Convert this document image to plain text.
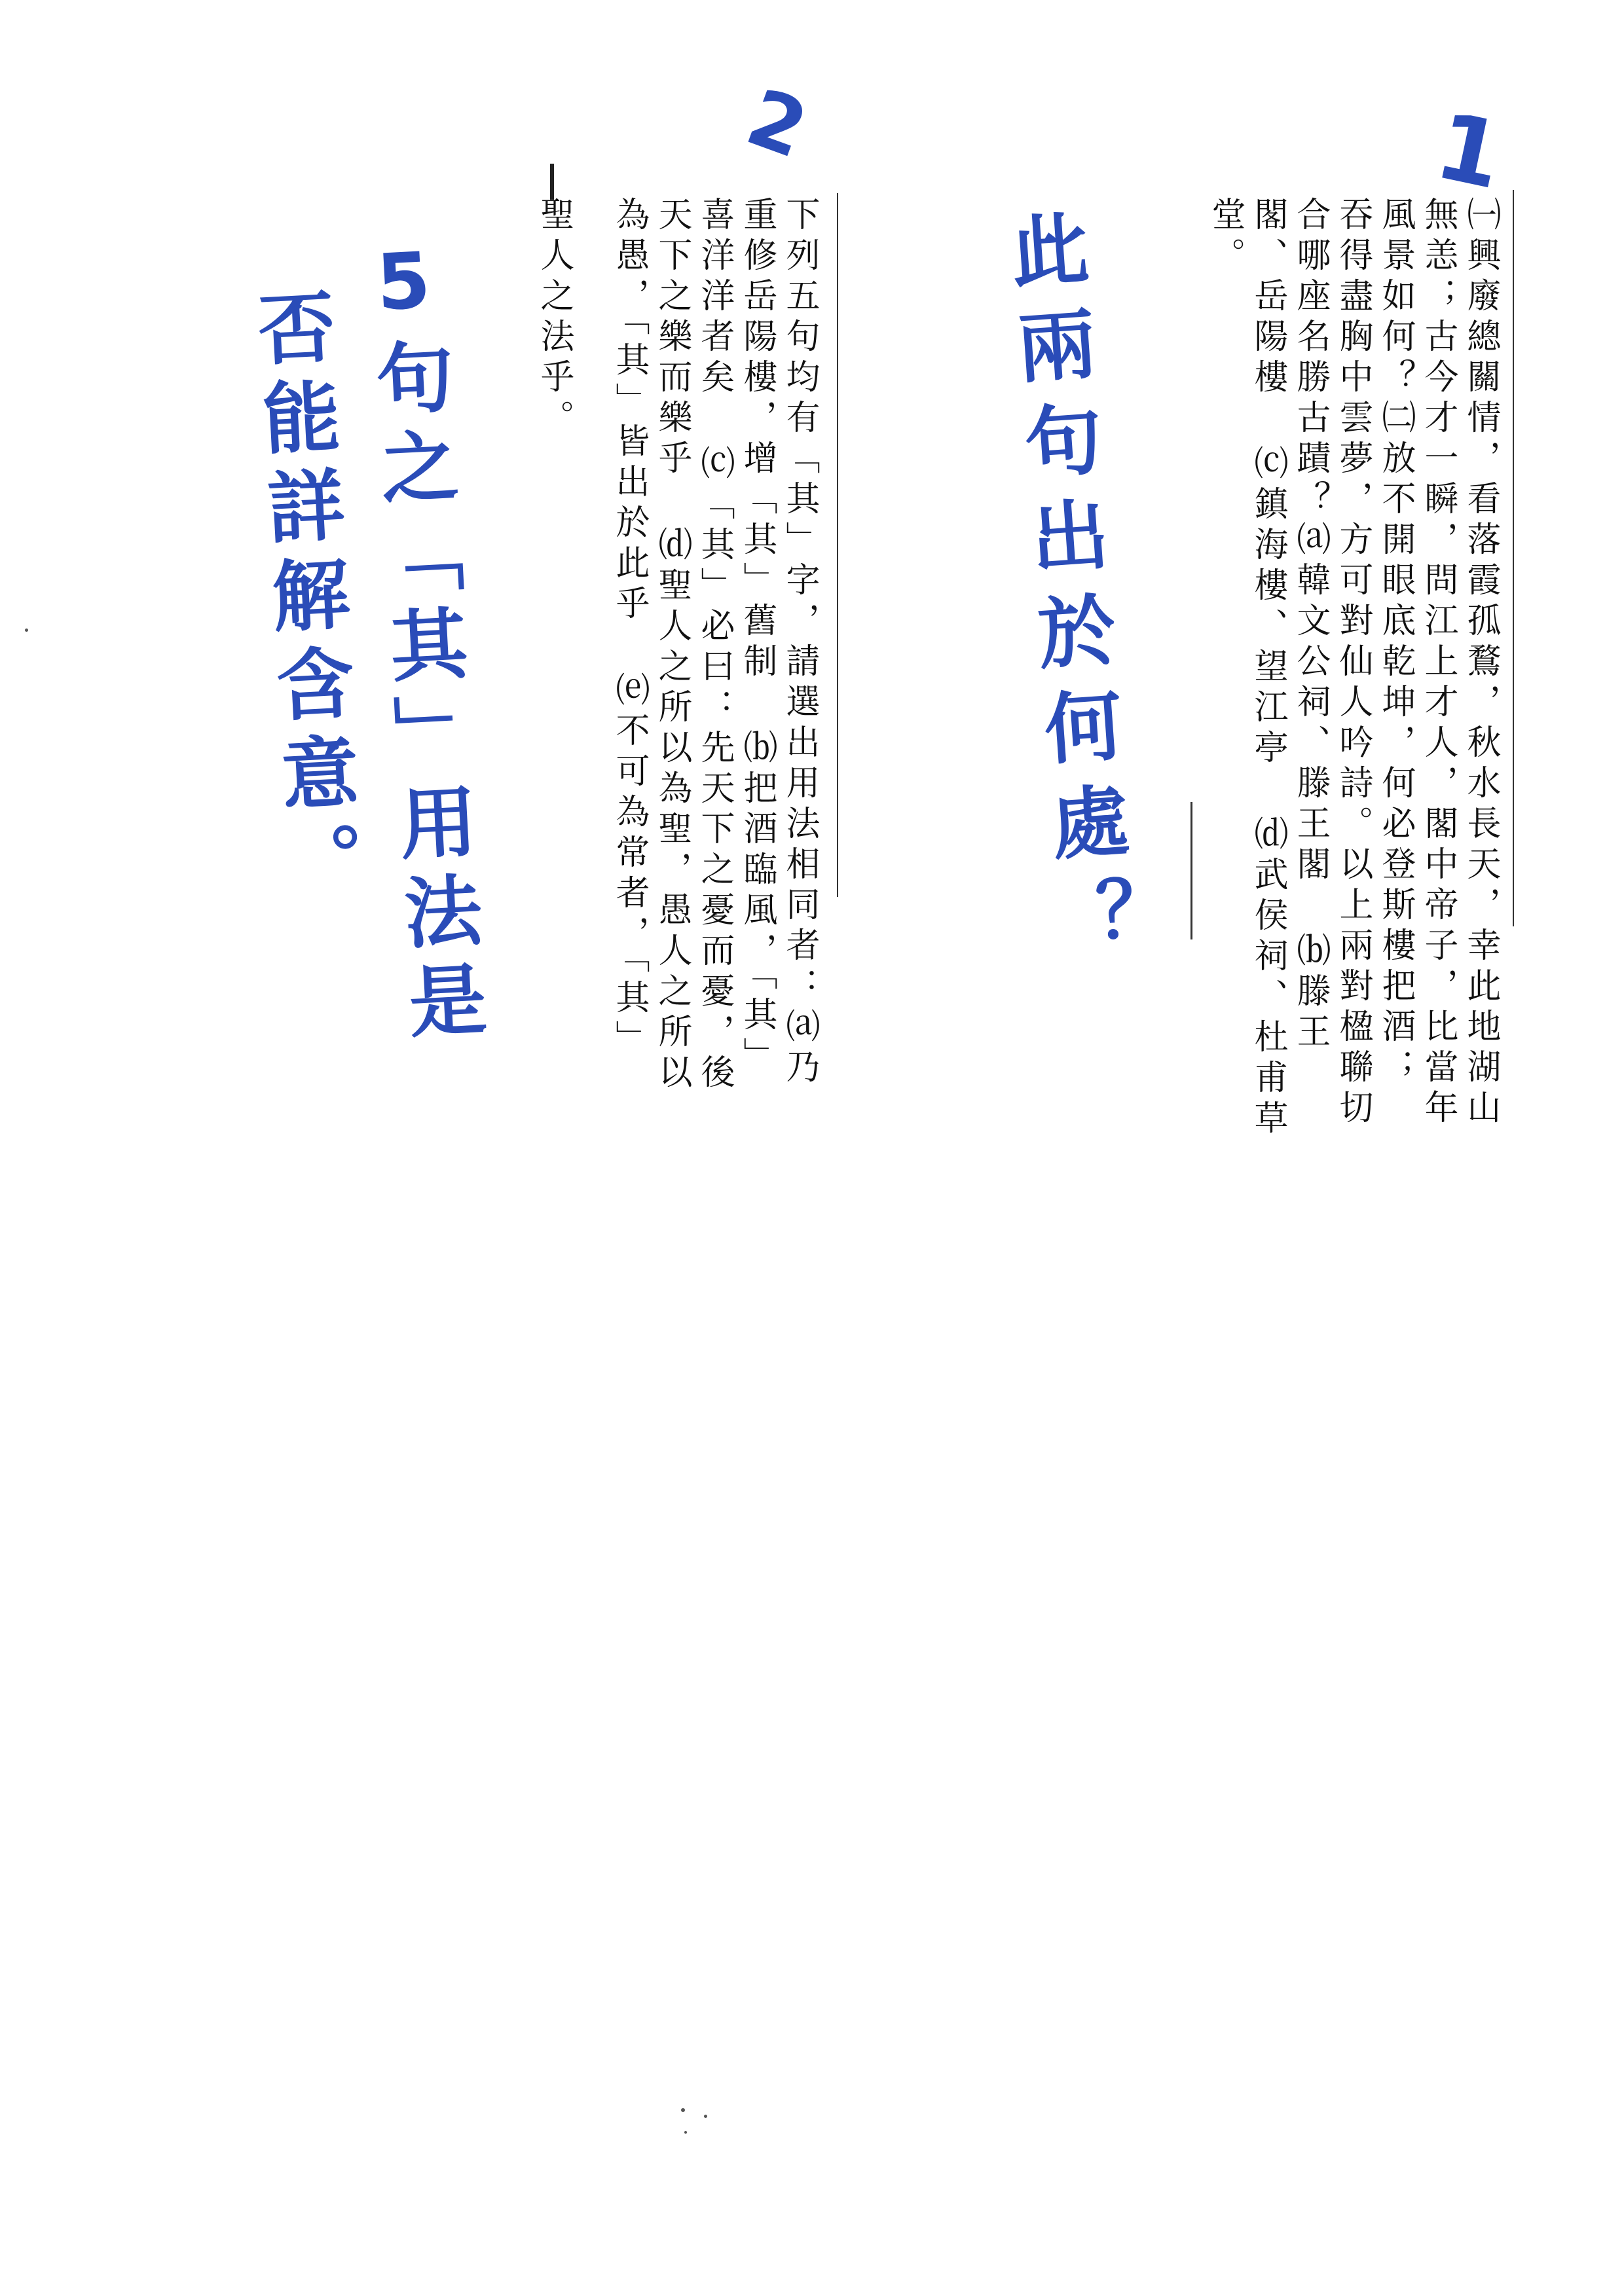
1
㈠興廢總關情，看落霞孤鶩，秋水長天，幸此地湖山
無恙；古今才一瞬，問江上才人，閣中帝子，比當年
風景如何？㈡放不開眼底乾坤，何必登斯樓把酒；
吞得盡胸中雲夢，方可對仙人吟詩。以上兩對楹聯切
合哪座名勝古蹟？⒜韓文公祠、滕王閣 ⒝滕王
閣、岳陽樓 ⒞鎮海樓、望江亭 ⒟武侯祠、杜甫草
堂。
此兩句出於何處？
2
下列五句均有「其」字，請選出用法相同者：⒜乃
重修岳陽樓，增「其」舊制 ⒝把酒臨風，「其」
喜洋洋者矣 ⒞「其」必曰：先天下之憂而憂，後
天下之樂而樂乎 ⒟聖人之所以為聖，愚人之所以
為愚，「其」皆出於此乎 ⒠不可為常者，「其」
聖人之法乎。
5句之「其」用法是
否能詳解含意。
